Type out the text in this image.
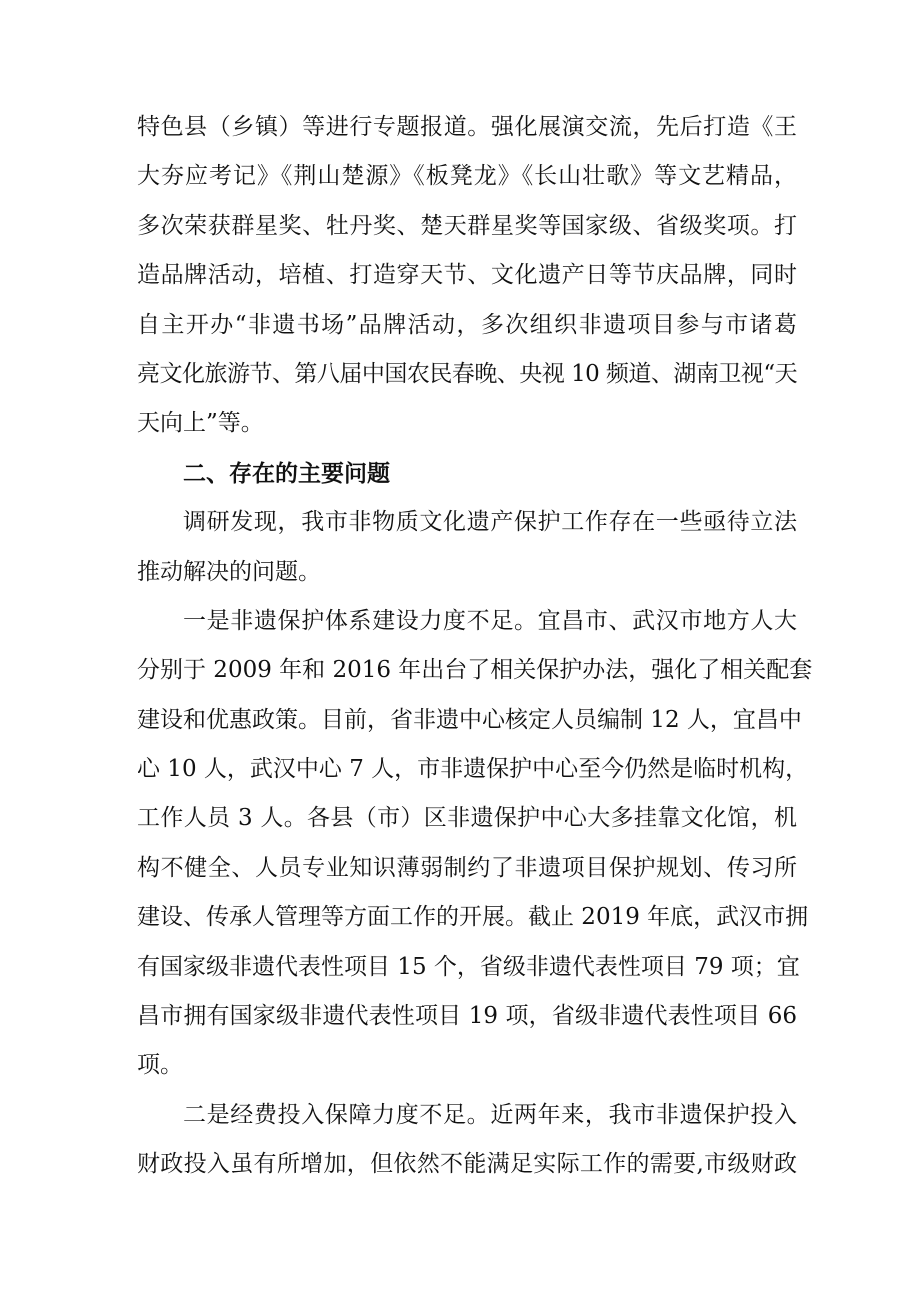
特色县（乡镇）等进行专题报道。强化展演交流，先后打造《王
大夯应考记》《荆山楚源》《板凳龙》《长山壮歌》等文艺精品，
多次荣获群星奖、牡丹奖、楚天群星奖等国家级、省级奖项。打
造品牌活动，培植、打造穿天节、文化遗产日等节庆品牌，同时
自主开办“非遗书场”品牌活动，多次组织非遗项目参与市诸葛
亮文化旅游节、第八届中国农民春晚、央视 10 频道、湖南卫视“天
天向上”等。
二、存在的主要问题
调研发现，我市非物质文化遗产保护工作存在一些亟待立法
推动解决的问题。
一是非遗保护体系建设力度不足。宜昌市、武汉市地方人大
分别于 2009 年和 2016 年出台了相关保护办法，强化了相关配套
建设和优惠政策。目前，省非遗中心核定人员编制 12 人，宜昌中
心 10 人，武汉中心 7 人，市非遗保护中心至今仍然是临时机构，
工作人员 3 人。各县（市）区非遗保护中心大多挂靠文化馆，机
构不健全、人员专业知识薄弱制约了非遗项目保护规划、传习所
建设、传承人管理等方面工作的开展。截止 2019 年底，武汉市拥
有国家级非遗代表性项目 15 个，省级非遗代表性项目 79 项；宜
昌市拥有国家级非遗代表性项目 19 项，省级非遗代表性项目 66
项。
二是经费投入保障力度不足。近两年来，我市非遗保护投入
财政投入虽有所增加，但依然不能满足实际工作的需要,市级财政
